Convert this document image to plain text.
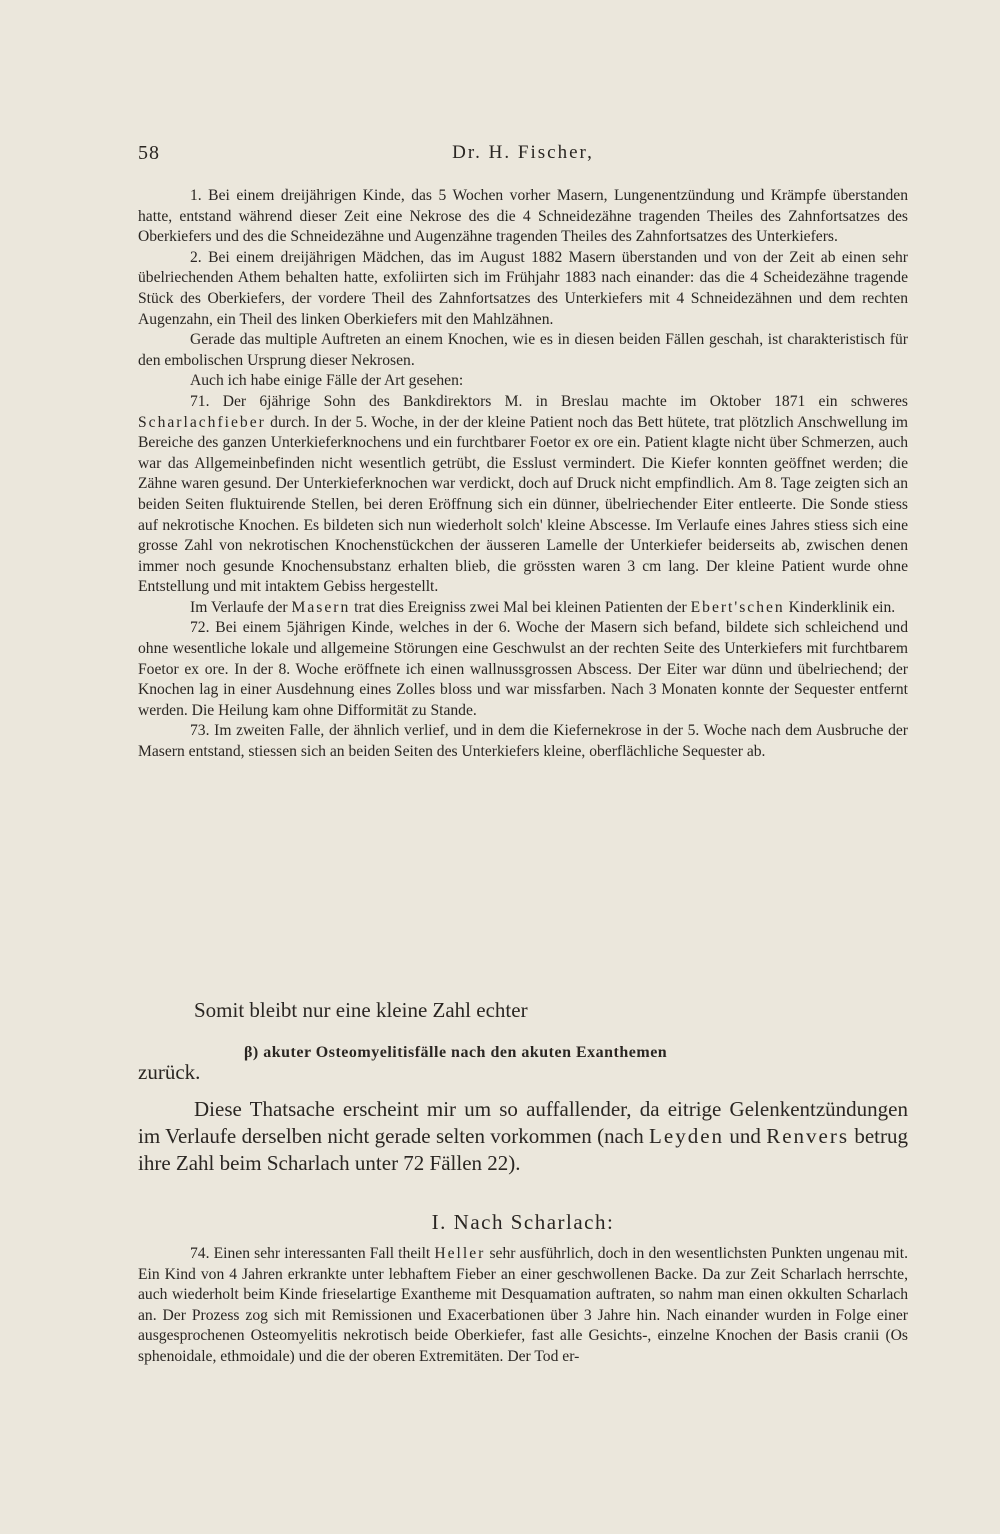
58	Dr. H. Fischer,

1. Bei einem dreijährigen Kinde, das 5 Wochen vorher Masern, Lungenentzündung und Krämpfe überstanden hatte, entstand während dieser Zeit eine Nekrose des die 4 Schneidezähne tragenden Theiles des Zahnfortsatzes des Oberkiefers und des die Schneidezähne und Augenzähne tragenden Theiles des Zahnfortsatzes des Unterkiefers.

2. Bei einem dreijährigen Mädchen, das im August 1882 Masern überstanden und von der Zeit ab einen sehr übelriechenden Athem behalten hatte, exfoliirten sich im Frühjahr 1883 nach einander: das die 4 Scheidezähne tragende Stück des Oberkiefers, der vordere Theil des Zahnfortsatzes des Unterkiefers mit 4 Schneidezähnen und dem rechten Augenzahn, ein Theil des linken Oberkiefers mit den Mahlzähnen.

Gerade das multiple Auftreten an einem Knochen, wie es in diesen beiden Fällen geschah, ist charakteristisch für den embolischen Ursprung dieser Nekrosen.

Auch ich habe einige Fälle der Art gesehen:

71. Der 6jährige Sohn des Bankdirektors M. in Breslau machte im Oktober 1871 ein schweres Scharlachfieber durch. In der 5. Woche, in der der kleine Patient noch das Bett hütete, trat plötzlich Anschwellung im Bereiche des ganzen Unterkieferknochens und ein furchtbarer Foetor ex ore ein. Patient klagte nicht über Schmerzen, auch war das Allgemeinbefinden nicht wesentlich getrübt, die Esslust vermindert. Die Kiefer konnten geöffnet werden; die Zähne waren gesund. Der Unterkieferknochen war verdickt, doch auf Druck nicht empfindlich. Am 8. Tage zeigten sich an beiden Seiten fluktuirende Stellen, bei deren Eröffnung sich ein dünner, übelriechender Eiter entleerte. Die Sonde stiess auf nekrotische Knochen. Es bildeten sich nun wiederholt solch' kleine Abscesse. Im Verlaufe eines Jahres stiess sich eine grosse Zahl von nekrotischen Knochenstückchen der äusseren Lamelle der Unterkiefer beiderseits ab, zwischen denen immer noch gesunde Knochensubstanz erhalten blieb, die grössten waren 3 cm lang. Der kleine Patient wurde ohne Entstellung und mit intaktem Gebiss hergestellt.

Im Verlaufe der Masern trat dies Ereigniss zwei Mal bei kleinen Patienten der Ebert'schen Kinderklinik ein.

72. Bei einem 5jährigen Kinde, welches in der 6. Woche der Masern sich befand, bildete sich schleichend und ohne wesentliche lokale und allgemeine Störungen eine Geschwulst an der rechten Seite des Unterkiefers mit furchtbarem Foetor ex ore. In der 8. Woche eröffnete ich einen wallnussgrossen Abscess. Der Eiter war dünn und übelriechend; der Knochen lag in einer Ausdehnung eines Zolles bloss und war missfarben. Nach 3 Monaten konnte der Sequester entfernt werden. Die Heilung kam ohne Difformität zu Stande.

73. Im zweiten Falle, der ähnlich verlief, und in dem die Kiefernekrose in der 5. Woche nach dem Ausbruche der Masern entstand, stiessen sich an beiden Seiten des Unterkiefers kleine, oberflächliche Sequester ab.

Somit bleibt nur eine kleine Zahl echter
zurück.
β) akuter Osteomyelitisfälle nach den akuten Exanthemen

Diese Thatsache erscheint mir um so auffallender, da eitrige Gelenkentzündungen im Verlaufe derselben nicht gerade selten vorkommen (nach Leyden und Renvers betrug ihre Zahl beim Scharlach unter 72 Fällen 22).

I. Nach Scharlach:

74. Einen sehr interessanten Fall theilt Heller sehr ausführlich, doch in den wesentlichsten Punkten ungenau mit. Ein Kind von 4 Jahren erkrankte unter lebhaftem Fieber an einer geschwollenen Backe. Da zur Zeit Scharlach herrschte, auch wiederholt beim Kinde frieselartige Exantheme mit Desquamation auftraten, so nahm man einen okkulten Scharlach an. Der Prozess zog sich mit Remissionen und Exacerbationen über 3 Jahre hin. Nach einander wurden in Folge einer ausgesprochenen Osteomyelitis nekrotisch beide Oberkiefer, fast alle Gesichts-, einzelne Knochen der Basis cranii (Os sphenoidale, ethmoidale) und die der oberen Extremitäten. Der Tod er-
